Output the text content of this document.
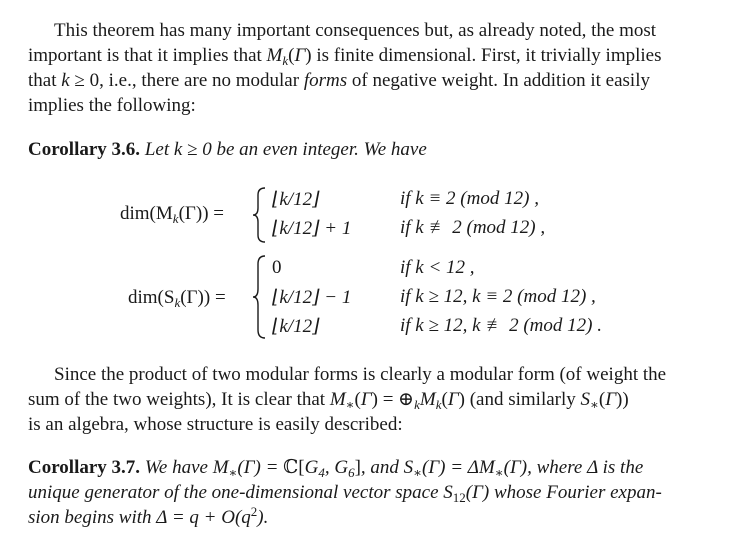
This theorem has many important consequences but, as already noted, the most
important is that it implies that $M_k(\Gamma)$ is finite dimensional. First, it trivially implies
that k ≥ 0, i.e., there are no modular forms of negative weight. In addition it easily
implies the following:
Corollary 3.6. Let k ≥ 0 be an even integer. We have
$dim(M_k(\Gamma))$ =
⌊k/12⌋	if k ≡ 2 (mod 12) ,
⌊k/12⌋ + 1	if k ≢ 2 (mod 12) ,
$dim(S_k(\Gamma))$ =
0	if k < 12 ,
⌊k/12⌋ − 1	if k ≥ 12, k ≡ 2 (mod 12) ,
⌊k/12⌋	if k ≥ 12, k ≢ 2 (mod 12) .
Since the product of two modular forms is clearly a modular form (of weight the
sum of the two weights), It is clear that $M_∗(\Gamma)$ = $\oplus_kM_k(\Gamma)$ (and similarly $S_∗(\Gamma)$)
is an algebra, whose structure is easily described:
Corollary 3.7. We have $M_∗(\Gamma)$ = $ℂ[G_4$, $G_6$], and $S_∗(\Gamma) = \Delta M_∗(\Gamma)$, where Δ is the
unique generator of the one-dimensional vector space $S_{12}(\Gamma)$ whose Fourier expan-
sion begins with $\Delta = q + O(q^2)$.
